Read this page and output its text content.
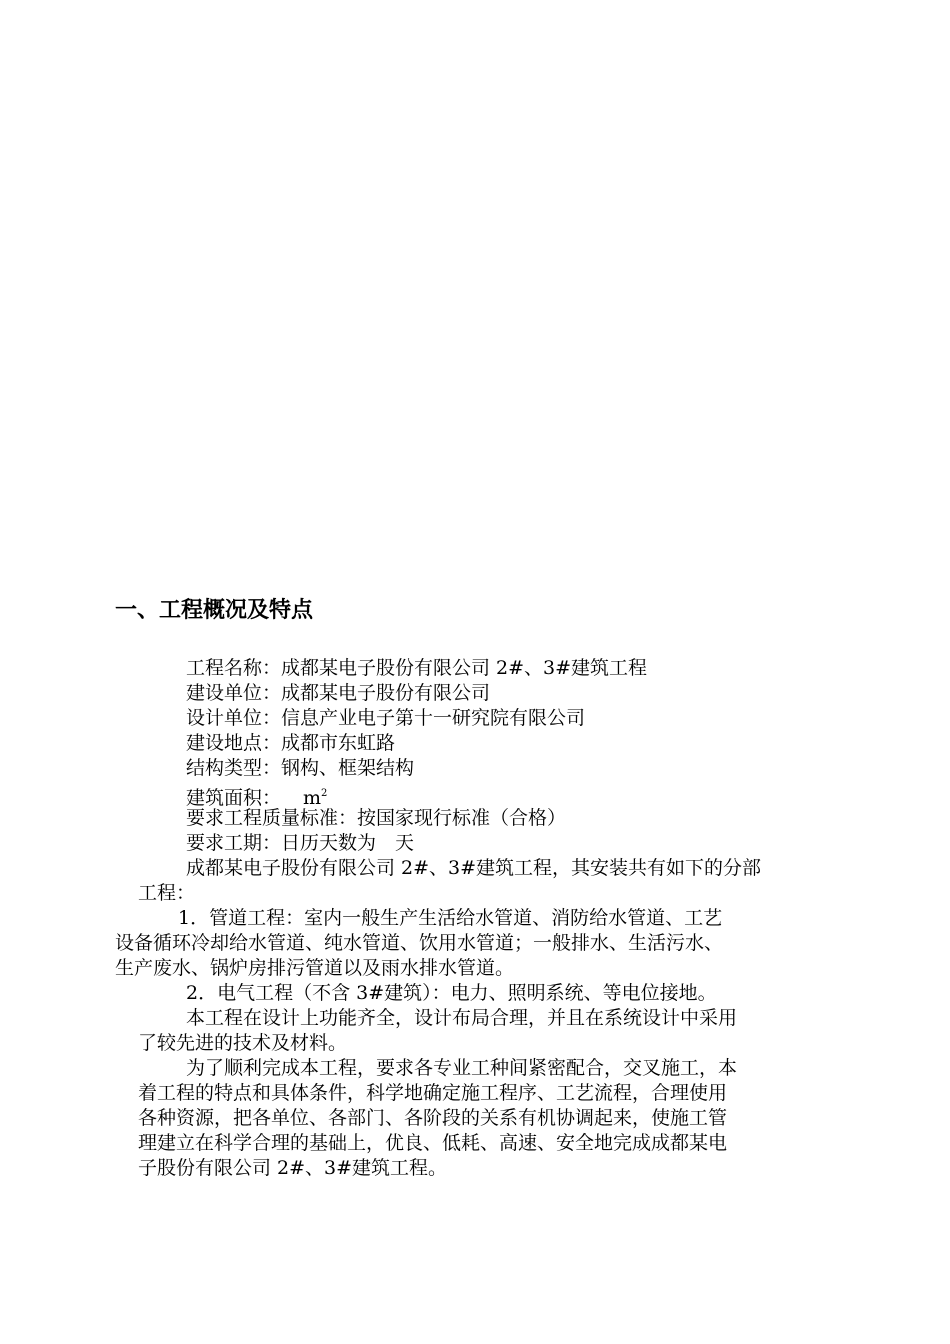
一、工程概况及特点
工程名称：成都某电子股份有限公司 2#、3#建筑工程
建设单位：成都某电子股份有限公司
设计单位：信息产业电子第十一研究院有限公司
建设地点：成都市东虹路
结构类型：钢构、框架结构
建筑面积： $m^2$
要求工程质量标准：按国家现行标准（合格）
要求工期：日历天数为　天
成都某电子股份有限公司 2#、3#建筑工程，其安装共有如下的分部
工程：
1．管道工程：室内一般生产生活给水管道、消防给水管道、工艺
设备循环冷却给水管道、纯水管道、饮用水管道；一般排水、生活污水、
生产废水、锅炉房排污管道以及雨水排水管道。
2．电气工程（不含 3#建筑）：电力、照明系统、等电位接地。
本工程在设计上功能齐全，设计布局合理，并且在系统设计中采用
了较先进的技术及材料。
为了顺利完成本工程，要求各专业工种间紧密配合，交叉施工，本
着工程的特点和具体条件，科学地确定施工程序、工艺流程，合理使用
各种资源，把各单位、各部门、各阶段的关系有机协调起来，使施工管
理建立在科学合理的基础上，优良、低耗、高速、安全地完成成都某电
子股份有限公司 2#、3#建筑工程。
